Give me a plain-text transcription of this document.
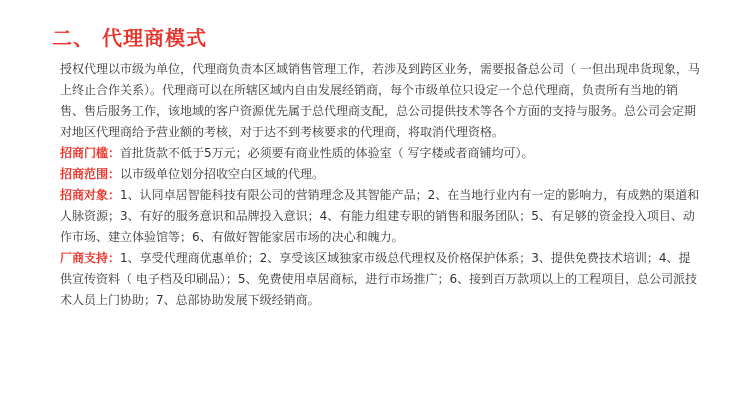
二、 代理商模式

授权代理以市级为单位，代理商负责本区域销售管理工作，若涉及到跨区业务，需要报备总公司（ 一但出现串货现象，马上终止合作关系）。代理商可以在所辖区域内自由发展经销商，每个市级单位只设定一个总代理商，负责所有当地的销售、售后服务工作，该地域的客户资源优先属于总代理商支配，总公司提供技术等各个方面的支持与服务。总公司会定期对地区代理商给予营业额的考核，对于达不到考核要求的代理商，将取消代理资格。

招商门槛：首批货款不低于5万元；必须要有商业性质的体验室（ 写字楼或者商铺均可）。

招商范围：以市级单位划分招收空白区域的代理。

招商对象：1、认同卓居智能科技有限公司的营销理念及其智能产品；2、在当地行业内有一定的影响力，有成熟的渠道和人脉资源；3、有好的服务意识和品牌投入意识；4、有能力组建专职的销售和服务团队；5、有足够的资金投入项目、动作市场、建立体验馆等；6、有做好智能家居市场的决心和魄力。

厂商支持：1、享受代理商优惠单价；2、享受该区域独家市级总代理权及价格保护体系；3、提供免费技术培训；4、提供宣传资料（ 电子档及印刷品）；5、免费使用卓居商标，进行市场推广；6、接到百万款项以上的工程项目，总公司派技术人员上门协助；7、总部协助发展下级经销商。
